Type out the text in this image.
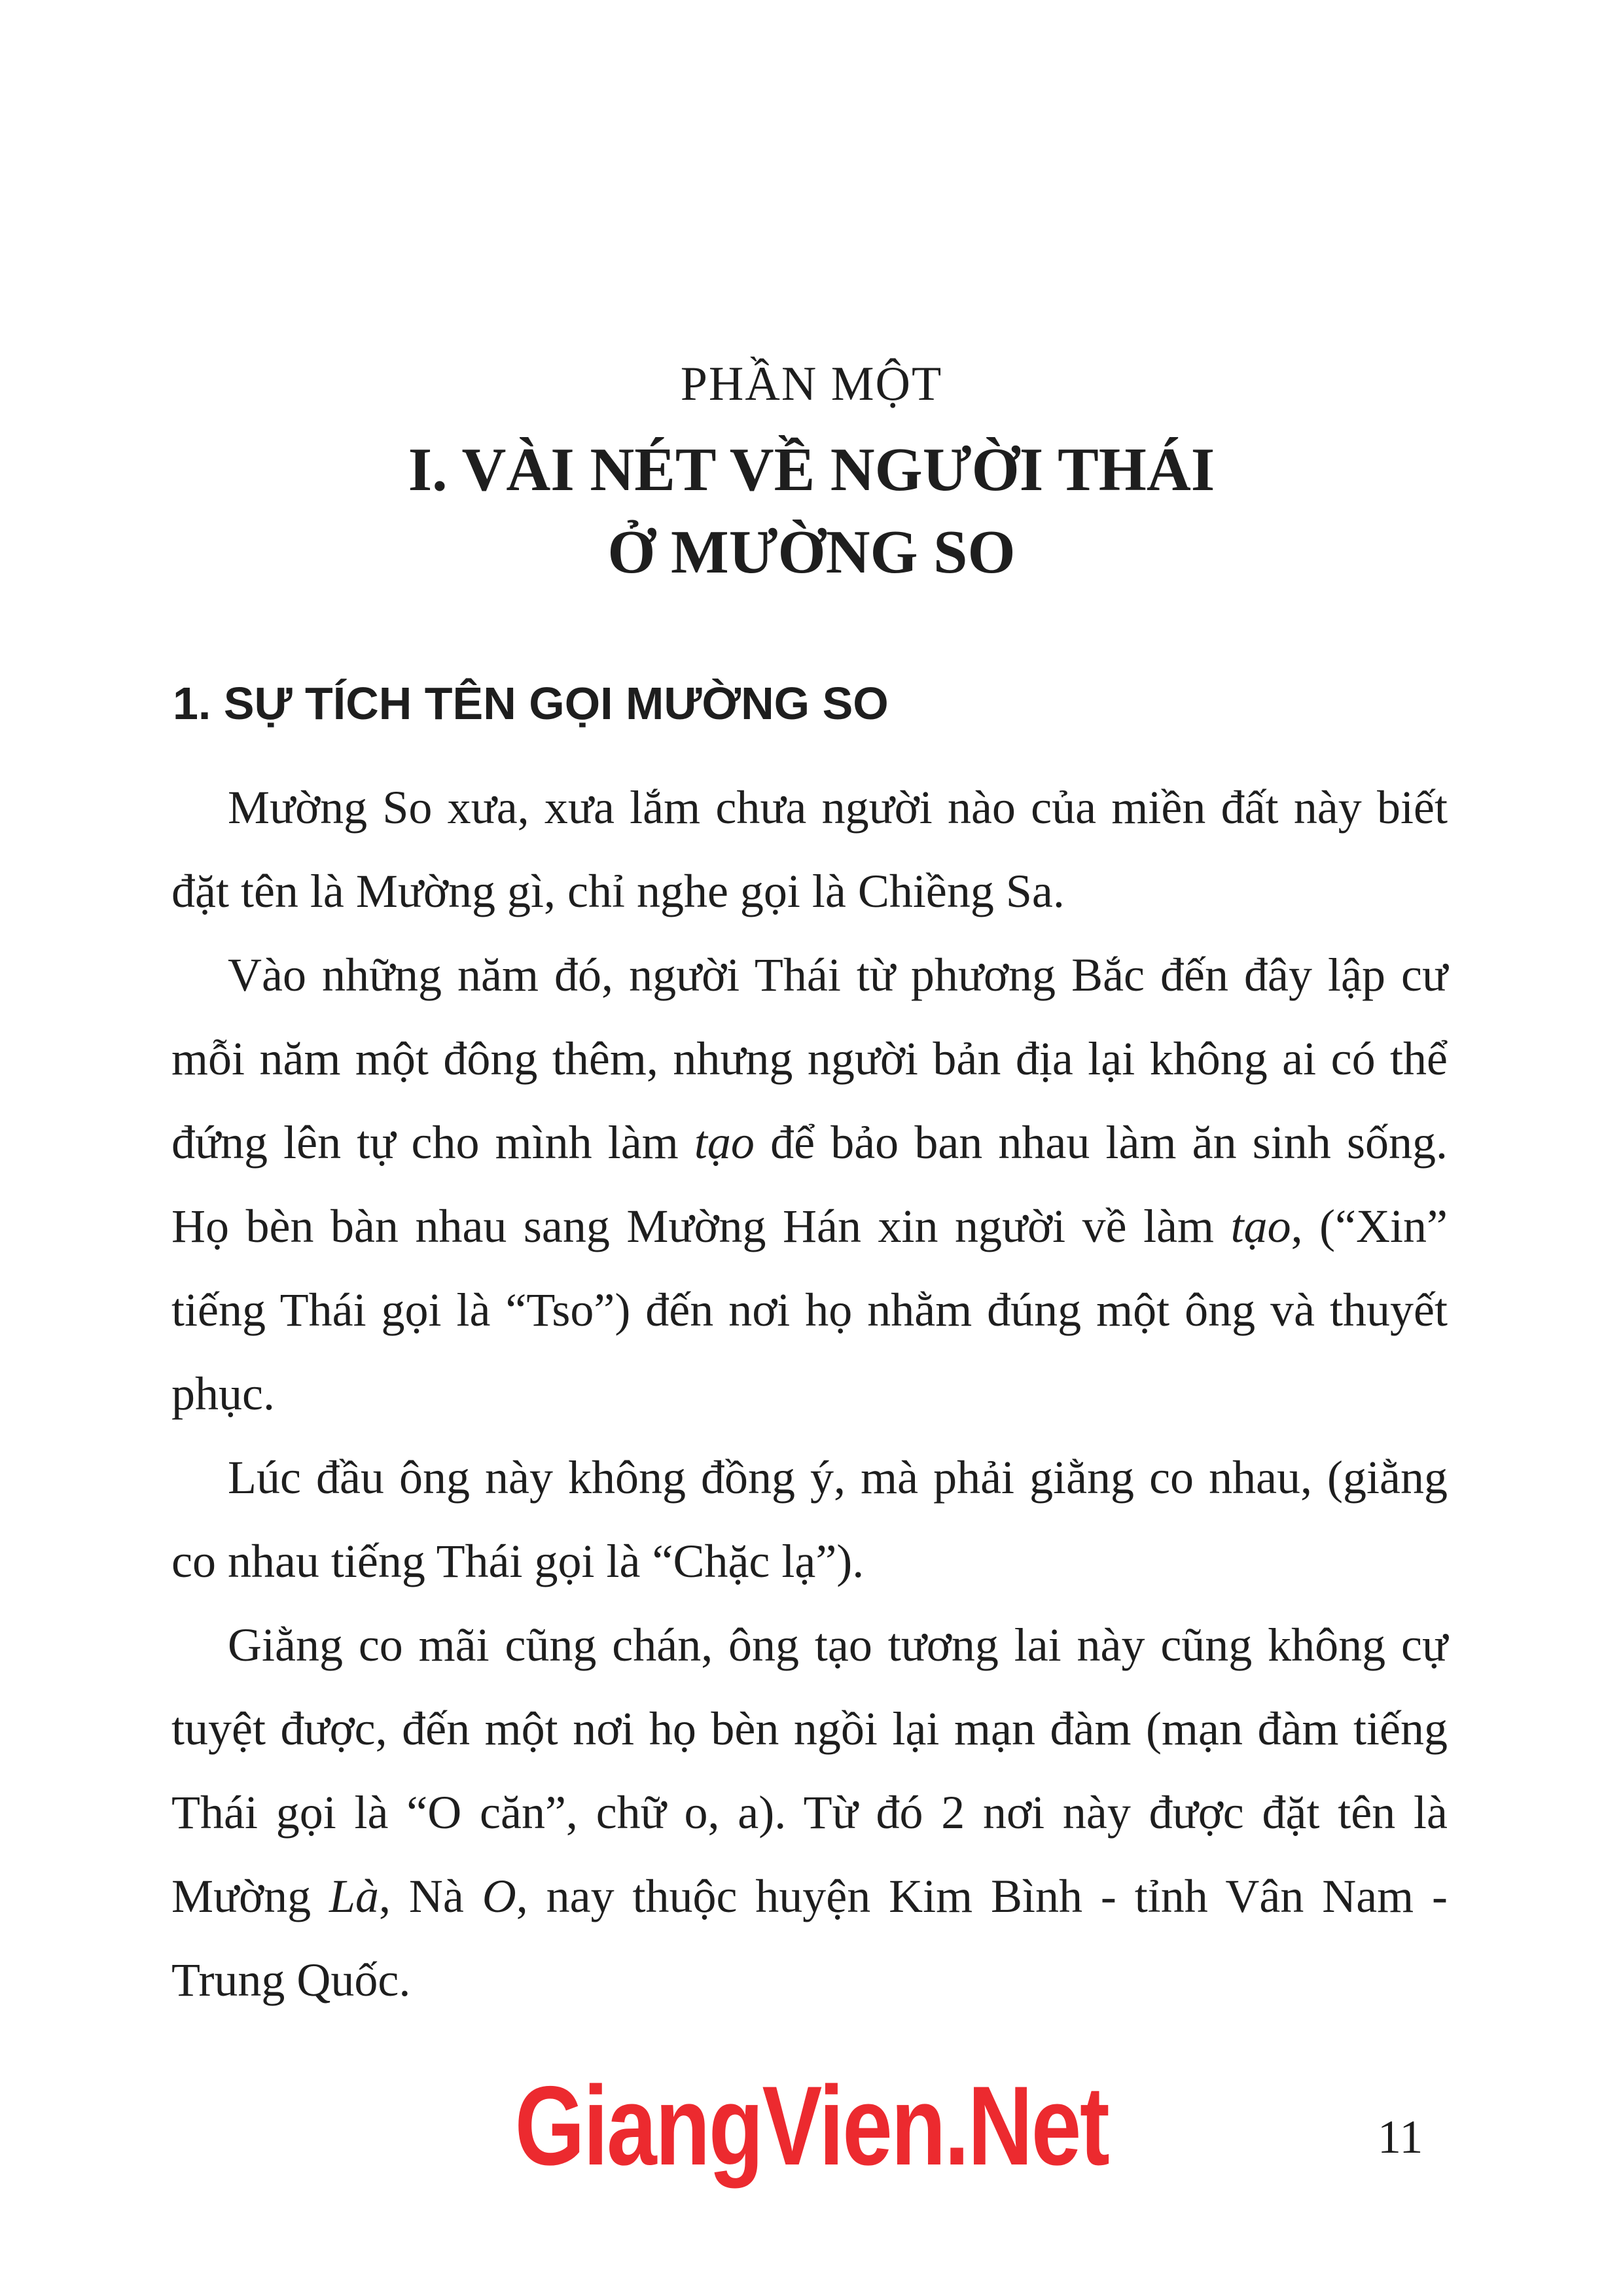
PHẦN MỘT
I. VÀI NÉT VỀ NGƯỜI THÁI
Ở MƯỜNG SO
1. SỰ TÍCH TÊN GỌI MƯỜNG SO

Mường So xưa, xưa lắm chưa người nào của miền đất này biết đặt tên là Mường gì, chỉ nghe gọi là Chiềng Sa.

Vào những năm đó, người Thái từ phương Bắc đến đây lập cư mỗi năm một đông thêm, nhưng người bản địa lại không ai có thể đứng lên tự cho mình làm tạo để bảo ban nhau làm ăn sinh sống. Họ bèn bàn nhau sang Mường Hán xin người về làm tạo, (“Xin” tiếng Thái gọi là “Tso”) đến nơi họ nhằm đúng một ông và thuyết phục.

Lúc đầu ông này không đồng ý, mà phải giằng co nhau, (giằng co nhau tiếng Thái gọi là “Chặc lạ”).

Giằng co mãi cũng chán, ông tạo tương lai này cũng không cự tuyệt được, đến một nơi họ bèn ngồi lại mạn đàm (mạn đàm tiếng Thái gọi là “O căn”, chữ o, a). Từ đó 2 nơi này được đặt tên là Mường Là, Nà O, nay thuộc huyện Kim Bình - tỉnh Vân Nam - Trung Quốc.

GiangVien.Net	11
